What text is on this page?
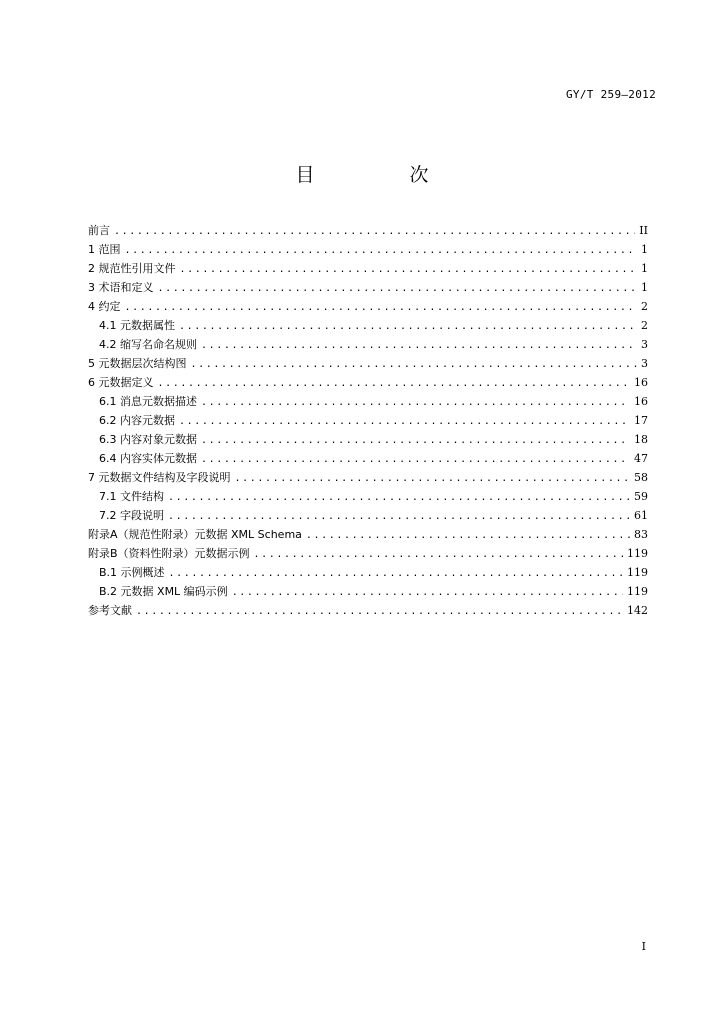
GY/T 259—2012
目　次
前言 .....	II
1 范围 .....	1
2 规范性引用文件 .....	1
3 术语和定义 .....	1
4 约定 .....	2
4.1 元数据属性 .....	2
4.2 缩写名命名规则 .....	3
5 元数据层次结构图 .....	3
6 元数据定义 .....	16
6.1 消息元数据描述 .....	16
6.2 内容元数据 .....	17
6.3 内容对象元数据 .....	18
6.4 内容实体元数据 .....	47
7 元数据文件结构及字段说明 .....	58
7.1 文件结构 .....	59
7.2 字段说明 .....	61
附录A（规范性附录）元数据 XML Schema .....	83
附录B（资料性附录）元数据示例 .....	119
B.1 示例概述 .....	119
B.2 元数据 XML 编码示例 .....	119
参考文献 .....	142
I
